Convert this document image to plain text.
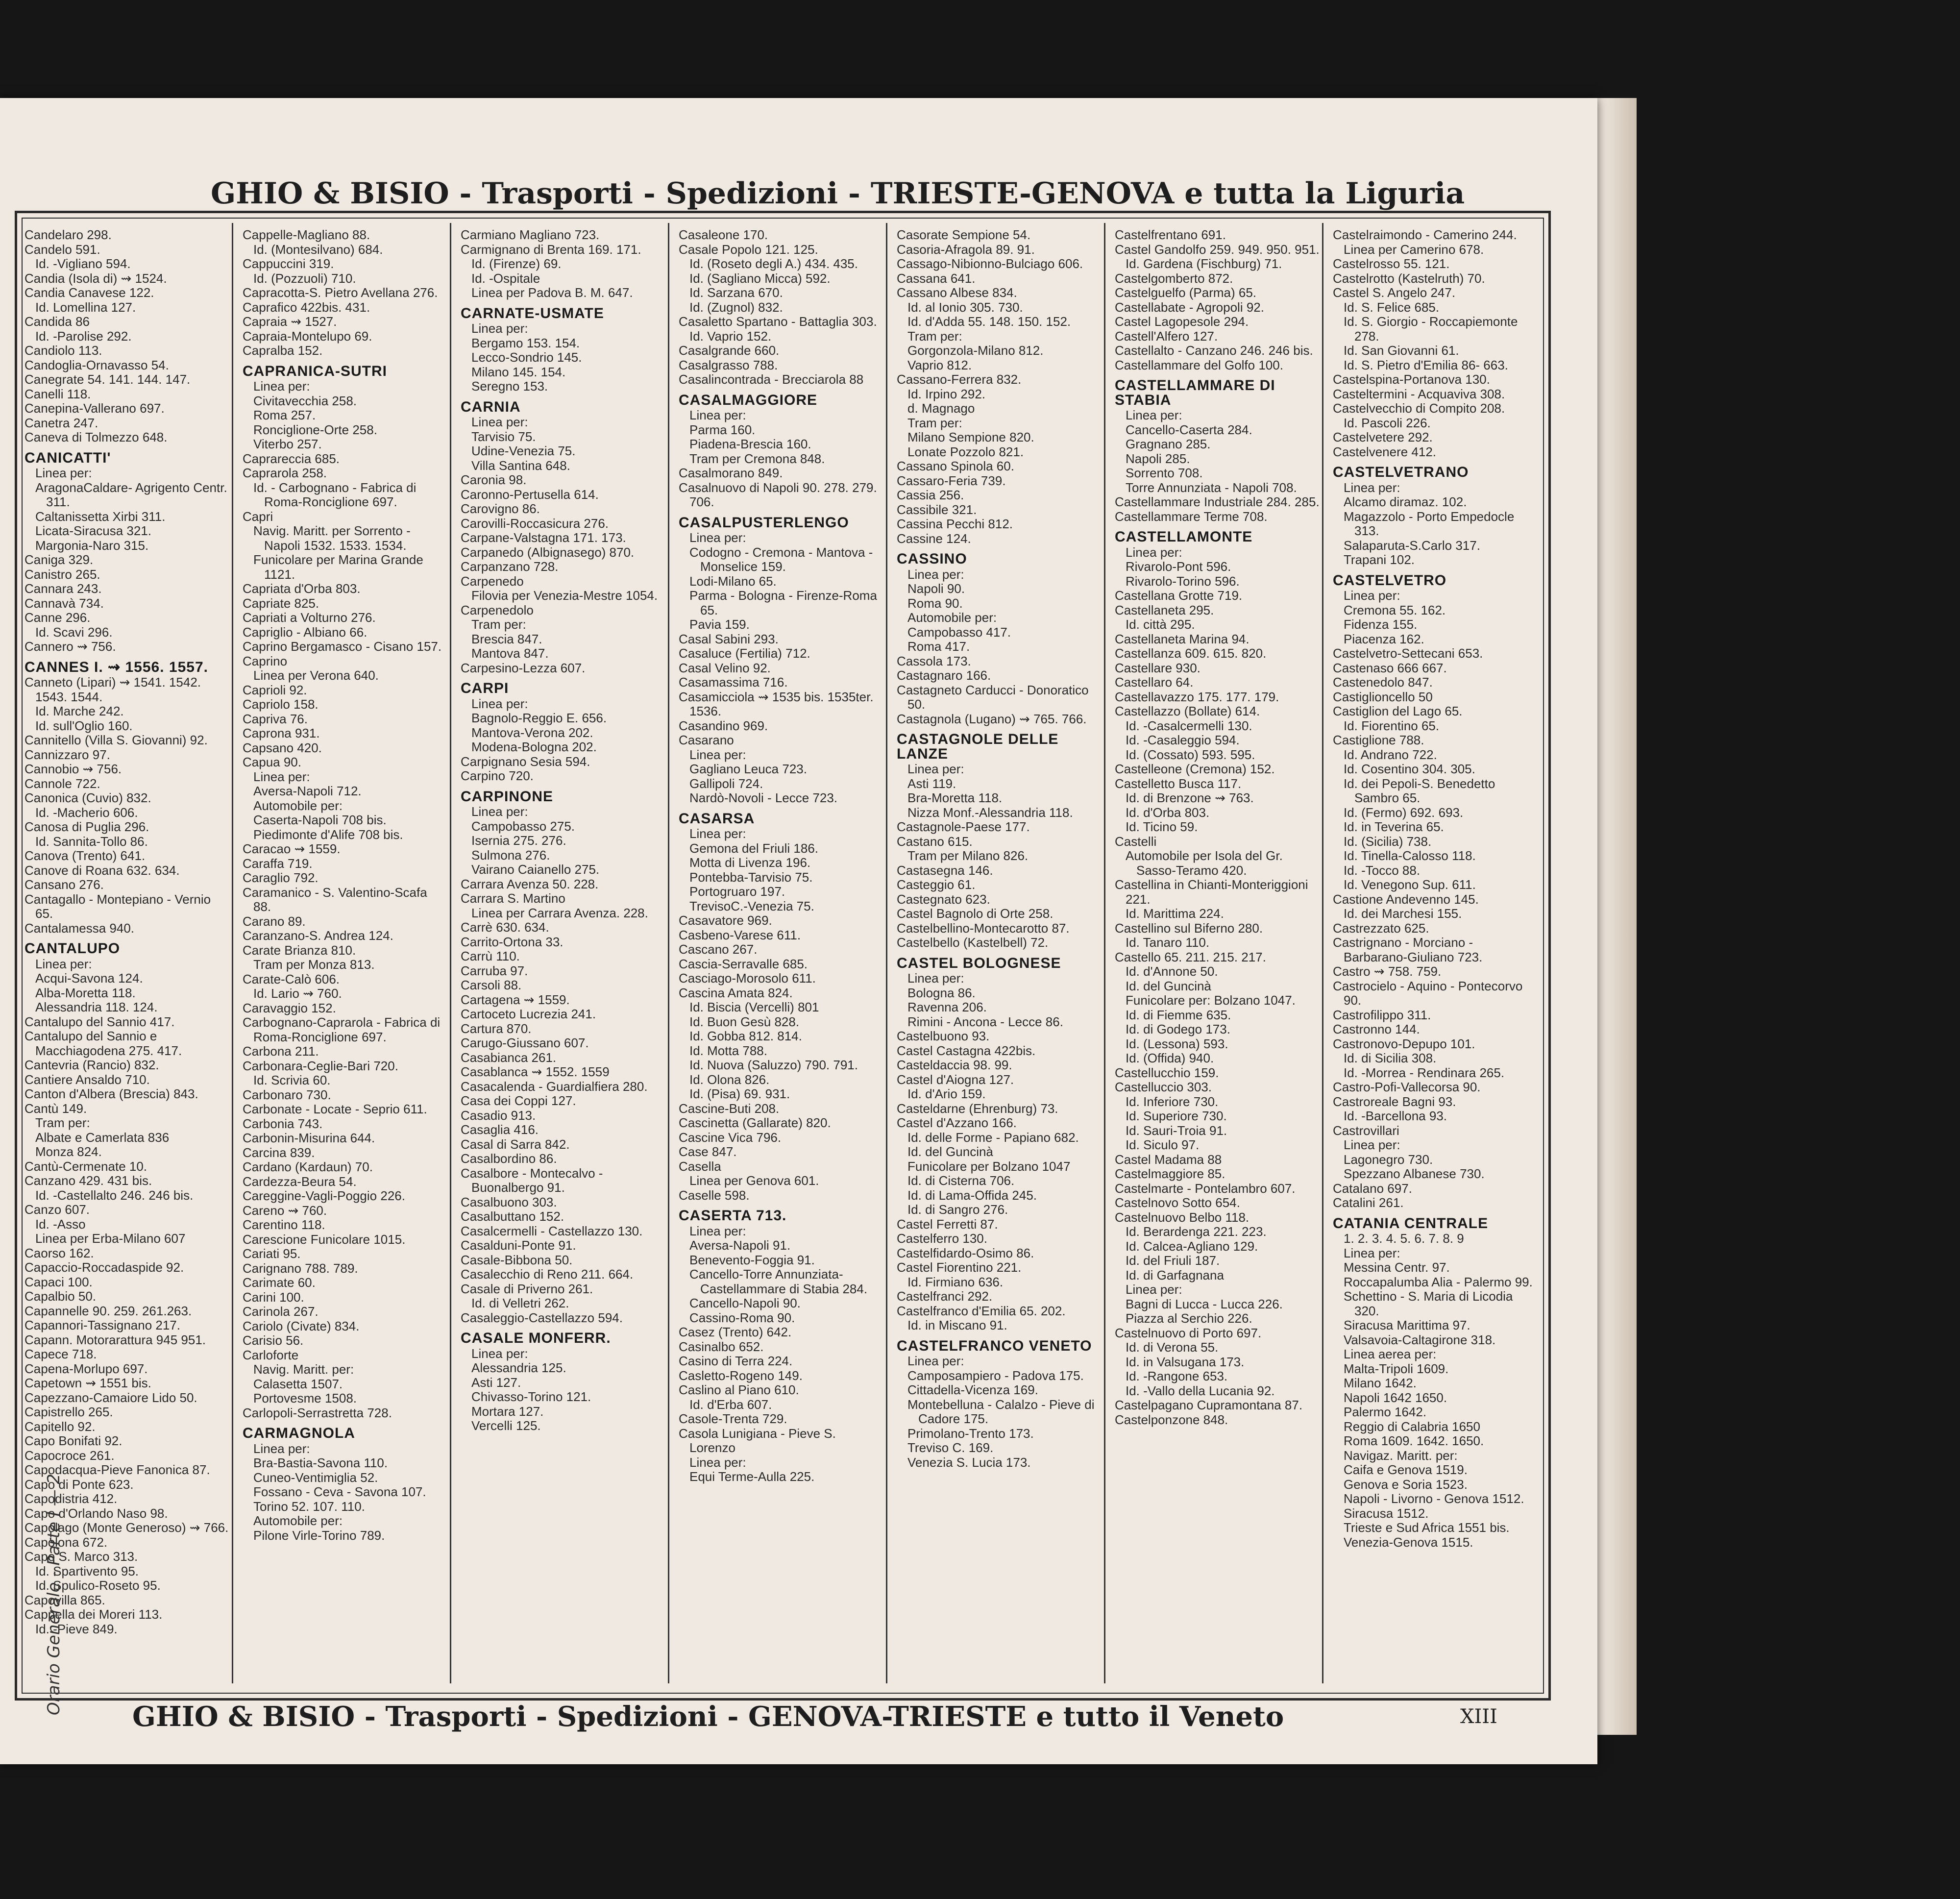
GHIO & BISIO - Trasporti - Spedizioni - TRIESTE-GENOVA e tutta la Liguria
Candelaro 298.
Candelo 591.
Id. -Vigliano 594.
Candia (Isola di) ⇝ 1524.
Candia Canavese 122.
Id. Lomellina 127.
Candida 86
Id. -Parolise 292.
Candiolo 113.
Candoglia-Ornavasso 54.
Canegrate 54. 141. 144. 147.
Canelli 118.
Canepina-Vallerano 697.
Canetra 247.
Caneva di Tolmezzo 648.
CANICATTI'
Linea per:
AragonaCaldare- Agrigento Centr. 311.
Caltanissetta Xirbi 311.
Licata-Siracusa 321.
Margonia-Naro 315.
Caniga 329.
Canistro 265.
Cannara 243.
Cannavà 734.
Canne 296.
Id. Scavi 296.
Cannero ⇝ 756.
CANNES I. ⇝ 1556. 1557.
Canneto (Lipari) ⇝ 1541. 1542. 1543. 1544.
Id. Marche 242.
Id. sull'Oglio 160.
Cannitello (Villa S. Giovanni) 92.
Cannizzaro 97.
Cannobio ⇝ 756.
Cannole 722.
Canonica (Cuvio) 832.
Id. -Macherio 606.
Canosa di Puglia 296.
Id. Sannita-Tollo 86.
Canova (Trento) 641.
Canove di Roana 632. 634.
Cansano 276.
Cantagallo - Montepiano - Vernio 65.
Cantalamessa 940.
CANTALUPO
Linea per:
Acqui-Savona 124.
Alba-Moretta 118.
Alessandria 118. 124.
Cantalupo del Sannio 417.
Cantalupo del Sannio e Macchiagodena 275. 417.
Cantevria (Rancio) 832.
Cantiere Ansaldo 710.
Canton d'Albera (Brescia) 843.
Cantù 149.
Tram per:
Albate e Camerlata 836
Monza 824.
Cantù-Cermenate 10.
Canzano 429. 431 bis.
Id. -Castellalto 246. 246 bis.
Canzo 607.
Id. -Asso
Linea per Erba-Milano 607
Caorso 162.
Capaccio-Roccadaspide 92.
Capaci 100.
Capalbio 50.
Capannelle 90. 259. 261.263.
Capannori-Tassignano 217.
Capann. Motorarattura 945 951.
Capece 718.
Capena-Morlupo 697.
Capetown ⇝ 1551 bis.
Capezzano-Camaiore Lido 50.
Capistrello 265.
Capitello 92.
Capo Bonifati 92.
Capocroce 261.
Capodacqua-Pieve Fanonica 87.
Capo di Ponte 623.
Capodistria 412.
Capo d'Orlando Naso 98.
Capolago (Monte Generoso) ⇝ 766.
Capolona 672.
Capo S. Marco 313.
Id. Spartivento 95.
Id. Spulico-Roseto 95.
Capovilla 865.
Cappella dei Moreri 113.
Id. -Pieve 849.
Cappelle-Magliano 88.
Id. (Montesilvano) 684.
Cappuccini 319.
Id. (Pozzuoli) 710.
Capracotta-S. Pietro Avellana 276.
Caprafico 422bis. 431.
Capraia ⇝ 1527.
Capraia-Montelupo 69.
Capralba 152.
CAPRANICA-SUTRI
Linea per:
Civitavecchia 258.
Roma 257.
Ronciglione-Orte 258.
Viterbo 257.
Caprareccia 685.
Caprarola 258.
Id. - Carbognano - Fabrica di Roma-Ronciglione 697.
Capri
Navig. Maritt. per Sorrento - Napoli 1532. 1533. 1534.
Funicolare per Marina Grande 1121.
Capriata d'Orba 803.
Capriate 825.
Capriati a Volturno 276.
Capriglio - Albiano 66.
Caprino Bergamasco - Cisano 157.
Caprino
Linea per Verona 640.
Caprioli 92.
Capriolo 158.
Capriva 76.
Caprona 931.
Capsano 420.
Capua 90.
Linea per:
Aversa-Napoli 712.
Automobile per:
Caserta-Napoli 708 bis.
Piedimonte d'Alife 708 bis.
Caracao ⇝ 1559.
Caraffa 719.
Caraglio 792.
Caramanico - S. Valentino-Scafa 88.
Carano 89.
Caranzano-S. Andrea 124.
Carate Brianza 810.
Tram per Monza 813.
Carate-Calò 606.
Id. Lario ⇝ 760.
Caravaggio 152.
Carbognano-Caprarola - Fabrica di Roma-Ronciglione 697.
Carbona 211.
Carbonara-Ceglie-Bari 720.
Id. Scrivia 60.
Carbonaro 730.
Carbonate - Locate - Seprio 611.
Carbonia 743.
Carbonin-Misurina 644.
Carcina 839.
Cardano (Kardaun) 70.
Cardezza-Beura 54.
Careggine-Vagli-Poggio 226.
Careno ⇝ 760.
Carentino 118.
Carescione Funicolare 1015.
Cariati 95.
Carignano 788. 789.
Carimate 60.
Carini 100.
Carinola 267.
Cariolo (Civate) 834.
Carisio 56.
Carloforte
Navig. Maritt. per:
Calasetta 1507.
Portovesme 1508.
Carlopoli-Serrastretta 728.
CARMAGNOLA
Linea per:
Bra-Bastia-Savona 110.
Cuneo-Ventimiglia 52.
Fossano - Ceva - Savona 107.
Torino 52. 107. 110.
Automobile per:
Pilone Virle-Torino 789.
Carmiano Magliano 723.
Carmignano di Brenta 169. 171.
Id. (Firenze) 69.
Id. -Ospitale
Linea per Padova B. M. 647.
CARNATE-USMATE
Linea per:
Bergamo 153. 154.
Lecco-Sondrio 145.
Milano 145. 154.
Seregno 153.
CARNIA
Linea per:
Tarvisio 75.
Udine-Venezia 75.
Villa Santina 648.
Caronia 98.
Caronno-Pertusella 614.
Carovigno 86.
Carovilli-Roccasicura 276.
Carpane-Valstagna 171. 173.
Carpanedo (Albignasego) 870.
Carpanzano 728.
Carpenedo
Filovia per Venezia-Mestre 1054.
Carpenedolo
Tram per:
Brescia 847.
Mantova 847.
Carpesino-Lezza 607.
CARPI
Linea per:
Bagnolo-Reggio E. 656.
Mantova-Verona 202.
Modena-Bologna 202.
Carpignano Sesia 594.
Carpino 720.
CARPINONE
Linea per:
Campobasso 275.
Isernia 275. 276.
Sulmona 276.
Vairano Caianello 275.
Carrara Avenza 50. 228.
Carrara S. Martino
Linea per Carrara Avenza. 228.
Carrè 630. 634.
Carrito-Ortona 33.
Carrù 110.
Carruba 97.
Carsoli 88.
Cartagena ⇝ 1559.
Cartoceto Lucrezia 241.
Cartura 870.
Carugo-Giussano 607.
Casabianca 261.
Casablanca ⇝ 1552. 1559
Casacalenda - Guardialfiera 280.
Casa dei Coppi 127.
Casadio 913.
Casaglia 416.
Casal di Sarra 842.
Casalbordino 86.
Casalbore - Montecalvo - Buonalbergo 91.
Casalbuono 303.
Casalbuttano 152.
Casalcermelli - Castellazzo 130.
Casalduni-Ponte 91.
Casale-Bibbona 50.
Casalecchio di Reno 211. 664.
Casale di Priverno 261.
Id. di Velletri 262.
Casaleggio-Castellazzo 594.
CASALE MONFERR.
Linea per:
Alessandria 125.
Asti 127.
Chivasso-Torino 121.
Mortara 127.
Vercelli 125.
Casaleone 170.
Casale Popolo 121. 125.
Id. (Roseto degli A.) 434. 435.
Id. (Sagliano Micca) 592.
Id. Sarzana 670.
Id. (Zugnol) 832.
Casaletto Spartano - Battaglia 303.
Id. Vaprio 152.
Casalgrande 660.
Casalgrasso 788.
Casalincontrada - Brecciarola 88
CASALMAGGIORE
Linea per:
Parma 160.
Piadena-Brescia 160.
Tram per Cremona 848.
Casalmorano 849.
Casalnuovo di Napoli 90. 278. 279. 706.
CASALPUSTERLENGO
Linea per:
Codogno - Cremona - Mantova - Monselice 159.
Lodi-Milano 65.
Parma - Bologna - Firenze-Roma 65.
Pavia 159.
Casal Sabini 293.
Casaluce (Fertilia) 712.
Casal Velino 92.
Casamassima 716.
Casamicciola ⇝ 1535 bis. 1535ter. 1536.
Casandino 969.
Casarano
Linea per:
Gagliano Leuca 723.
Gallipoli 724.
Nardò-Novoli - Lecce 723.
CASARSA
Linea per:
Gemona del Friuli 186.
Motta di Livenza 196.
Pontebba-Tarvisio 75.
Portogruaro 197.
TrevisoC.-Venezia 75.
Casavatore 969.
Casbeno-Varese 611.
Cascano 267.
Cascia-Serravalle 685.
Casciago-Morosolo 611.
Cascina Amata 824.
Id. Biscia (Vercelli) 801
Id. Buon Gesù 828.
Id. Gobba 812. 814.
Id. Motta 788.
Id. Nuova (Saluzzo) 790. 791.
Id. Olona 826.
Id. (Pisa) 69. 931.
Cascine-Buti 208.
Cascinetta (Gallarate) 820.
Cascine Vica 796.
Case 847.
Casella
Linea per Genova 601.
Caselle 598.
CASERTA 713.
Linea per:
Aversa-Napoli 91.
Benevento-Foggia 91.
Cancello-Torre Annunziata-Castellammare di Stabia 284.
Cancello-Napoli 90.
Cassino-Roma 90.
Casez (Trento) 642.
Casinalbo 652.
Casino di Terra 224.
Casletto-Rogeno 149.
Caslino al Piano 610.
Id. d'Erba 607.
Casole-Trenta 729.
Casola Lunigiana - Pieve S. Lorenzo
Linea per:
Equi Terme-Aulla 225.
Casorate Sempione 54.
Casoria-Afragola 89. 91.
Cassago-Nibionno-Bulciago 606.
Cassana 641.
Cassano Albese 834.
Id. al Ionio 305. 730.
Id. d'Adda 55. 148. 150. 152.
Tram per:
Gorgonzola-Milano 812.
Vaprio 812.
Cassano-Ferrera 832.
Id. Irpino 292.
d. Magnago
Tram per:
Milano Sempione 820.
Lonate Pozzolo 821.
Cassano Spinola 60.
Cassaro-Feria 739.
Cassia 256.
Cassibile 321.
Cassina Pecchi 812.
Cassine 124.
CASSINO
Linea per:
Napoli 90.
Roma 90.
Automobile per:
Campobasso 417.
Roma 417.
Cassola 173.
Castagnaro 166.
Castagneto Carducci - Donoratico 50.
Castagnola (Lugano) ⇝ 765. 766.
CASTAGNOLE DELLE LANZE
Linea per:
Asti 119.
Bra-Moretta 118.
Nizza Monf.-Alessandria 118.
Castagnole-Paese 177.
Castano 615.
Tram per Milano 826.
Castasegna 146.
Casteggio 61.
Castegnato 623.
Castel Bagnolo di Orte 258.
Castelbellino-Montecarotto 87.
Castelbello (Kastelbell) 72.
CASTEL BOLOGNESE
Linea per:
Bologna 86.
Ravenna 206.
Rimini - Ancona - Lecce 86.
Castelbuono 93.
Castel Castagna 422bis.
Casteldaccia 98. 99.
Castel d'Aiogna 127.
Id. d'Ario 159.
Casteldarne (Ehrenburg) 73.
Castel d'Azzano 166.
Id. delle Forme - Papiano 682.
Id. del Guncinà
Funicolare per Bolzano 1047
Id. di Cisterna 706.
Id. di Lama-Offida 245.
Id. di Sangro 276.
Castel Ferretti 87.
Castelferro 130.
Castelfidardo-Osimo 86.
Castel Fiorentino 221.
Id. Firmiano 636.
Castelfranci 292.
Castelfranco d'Emilia 65. 202.
Id. in Miscano 91.
CASTELFRANCO VENETO
Linea per:
Camposampiero - Padova 175.
Cittadella-Vicenza 169.
Montebelluna - Calalzo - Pieve di Cadore 175.
Primolano-Trento 173.
Treviso C. 169.
Venezia S. Lucia 173.
Castelfrentano 691.
Castel Gandolfo 259. 949. 950. 951.
Id. Gardena (Fischburg) 71.
Castelgomberto 872.
Castelguelfo (Parma) 65.
Castellabate - Agropoli 92.
Castel Lagopesole 294.
Castell'Alfero 127.
Castellalto - Canzano 246. 246 bis.
Castellammare del Golfo 100.
CASTELLAMMARE DI STABIA
Linea per:
Cancello-Caserta 284.
Gragnano 285.
Napoli 285.
Sorrento 708.
Torre Annunziata - Napoli 708.
Castellammare Industriale 284. 285.
Castellammare Terme 708.
CASTELLAMONTE
Linea per:
Rivarolo-Pont 596.
Rivarolo-Torino 596.
Castellana Grotte 719.
Castellaneta 295.
Id. città 295.
Castellaneta Marina 94.
Castellanza 609. 615. 820.
Castellare 930.
Castellaro 64.
Castellavazzo 175. 177. 179.
Castellazzo (Bollate) 614.
Id. -Casalcermelli 130.
Id. -Casaleggio 594.
Id. (Cossato) 593. 595.
Castelleone (Cremona) 152.
Castelletto Busca 117.
Id. di Brenzone ⇝ 763.
Id. d'Orba 803.
Id. Ticino 59.
Castelli
Automobile per Isola del Gr. Sasso-Teramo 420.
Castellina in Chianti-Monteriggioni 221.
Id. Marittima 224.
Castellino sul Biferno 280.
Id. Tanaro 110.
Castello 65. 211. 215. 217.
Id. d'Annone 50.
Id. del Guncinà
Funicolare per: Bolzano 1047.
Id. di Fiemme 635.
Id. di Godego 173.
Id. (Lessona) 593.
Id. (Offida) 940.
Castellucchio 159.
Castelluccio 303.
Id. Inferiore 730.
Id. Superiore 730.
Id. Sauri-Troia 91.
Id. Siculo 97.
Castel Madama 88
Castelmaggiore 85.
Castelmarte - Pontelambro 607.
Castelnovo Sotto 654.
Castelnuovo Belbo 118.
Id. Berardenga 221. 223.
Id. Calcea-Agliano 129.
Id. del Friuli 187.
Id. di Garfagnana
Linea per:
Bagni di Lucca - Lucca 226.
Piazza al Serchio 226.
Castelnuovo di Porto 697.
Id. di Verona 55.
Id. in Valsugana 173.
Id. -Rangone 653.
Id. -Vallo della Lucania 92.
Castelpagano Cupramontana 87.
Castelponzone 848.
Castelraimondo - Camerino 244.
Linea per Camerino 678.
Castelrosso 55. 121.
Castelrotto (Kastelruth) 70.
Castel S. Angelo 247.
Id. S. Felice 685.
Id. S. Giorgio - Roccapiemonte 278.
Id. San Giovanni 61.
Id. S. Pietro d'Emilia 86- 663.
Castelspina-Portanova 130.
Casteltermini - Acquaviva 308.
Castelvecchio di Compito 208.
Id. Pascoli 226.
Castelvetere 292.
Castelvenere 412.
CASTELVETRANO
Linea per:
Alcamo diramaz. 102.
Magazzolo - Porto Empedocle 313.
Salaparuta-S.Carlo 317.
Trapani 102.
CASTELVETRO
Linea per:
Cremona 55. 162.
Fidenza 155.
Piacenza 162.
Castelvetro-Settecani 653.
Castenaso 666 667.
Castenedolo 847.
Castiglioncello 50
Castiglion del Lago 65.
Id. Fiorentino 65.
Castiglione 788.
Id. Andrano 722.
Id. Cosentino 304. 305.
Id. dei Pepoli-S. Benedetto Sambro 65.
Id. (Fermo) 692. 693.
Id. in Teverina 65.
Id. (Sicilia) 738.
Id. Tinella-Calosso 118.
Id. -Tocco 88.
Id. Venegono Sup. 611.
Castione Andevenno 145.
Id. dei Marchesi 155.
Castrezzato 625.
Castrignano - Morciano - Barbarano-Giuliano 723.
Castro ⇝ 758. 759.
Castrocielo - Aquino - Pontecorvo 90.
Castrofilippo 311.
Castronno 144.
Castronovo-Depupo 101.
Id. di Sicilia 308.
Id. -Morrea - Rendinara 265.
Castro-Pofi-Vallecorsa 90.
Castroreale Bagni 93.
Id. -Barcellona 93.
Castrovillari
Linea per:
Lagonegro 730.
Spezzano Albanese 730.
Catalano 697.
Catalini 261.
CATANIA CENTRALE
1. 2. 3. 4. 5. 6. 7. 8. 9
Linea per:
Messina Centr. 97.
Roccapalumba Alia - Palermo 99.
Schettino - S. Maria di Licodia 320.
Siracusa Marittima 97.
Valsavoia-Caltagirone 318.
Linea aerea per:
Malta-Tripoli 1609.
Milano 1642.
Napoli 1642 1650.
Palermo 1642.
Reggio di Calabria 1650
Roma 1609. 1642. 1650.
Navigaz. Maritt. per:
Caifa e Genova 1519.
Genova e Soria 1523.
Napoli - Livorno - Genova 1512.
Siracusa 1512.
Trieste e Sud Africa 1551 bis.
Venezia-Genova 1515.
Orario Generale - Parte I — 2
GHIO & BISIO - Trasporti - Spedizioni - GENOVA-TRIESTE e tutto il Veneto	XIII
